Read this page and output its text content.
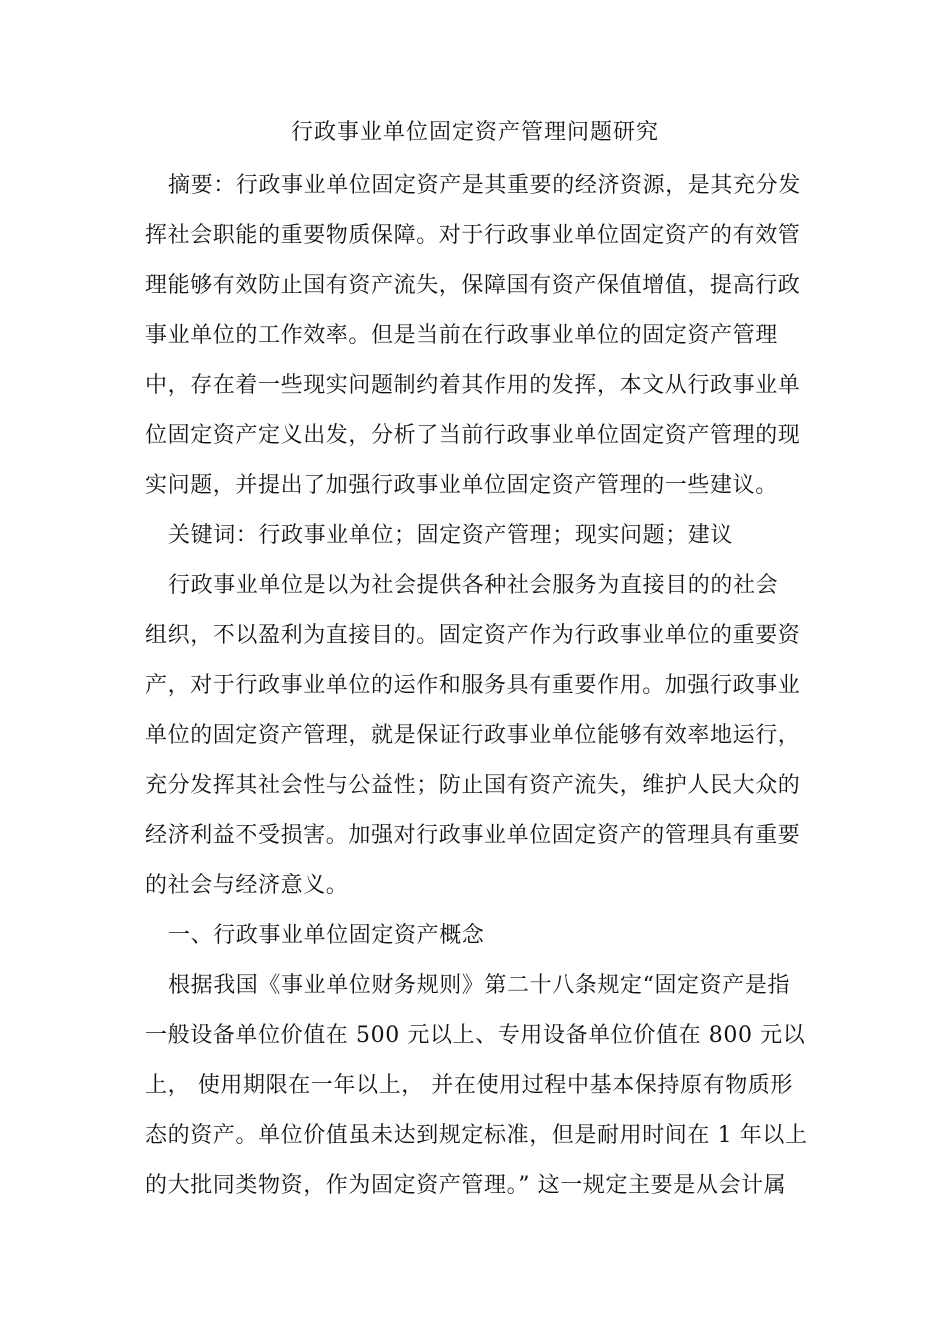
行政事业单位固定资产管理问题研究
摘要：行政事业单位固定资产是其重要的经济资源，是其充分发
挥社会职能的重要物质保障。对于行政事业单位固定资产的有效管
理能够有效防止国有资产流失，保障国有资产保值增值，提高行政
事业单位的工作效率。但是当前在行政事业单位的固定资产管理
中，存在着一些现实问题制约着其作用的发挥，本文从行政事业单
位固定资产定义出发，分析了当前行政事业单位固定资产管理的现
实问题，并提出了加强行政事业单位固定资产管理的一些建议。
关键词：行政事业单位；固定资产管理；现实问题；建议
行政事业单位是以为社会提供各种社会服务为直接目的的社会
组织，不以盈利为直接目的。固定资产作为行政事业单位的重要资
产，对于行政事业单位的运作和服务具有重要作用。加强行政事业
单位的固定资产管理，就是保证行政事业单位能够有效率地运行，
充分发挥其社会性与公益性；防止国有资产流失，维护人民大众的
经济利益不受损害。加强对行政事业单位固定资产的管理具有重要
的社会与经济意义。
一、行政事业单位固定资产概念
根据我国《事业单位财务规则》第二十八条规定“固定资产是指
一般设备单位价值在 500 元以上、专用设备单位价值在 800 元以
上， 使用期限在一年以上， 并在使用过程中基本保持原有物质形
态的资产。单位价值虽未达到规定标准，但是耐用时间在 1 年以上
的大批同类物资，作为固定资产管理。” 这一规定主要是从会计属
